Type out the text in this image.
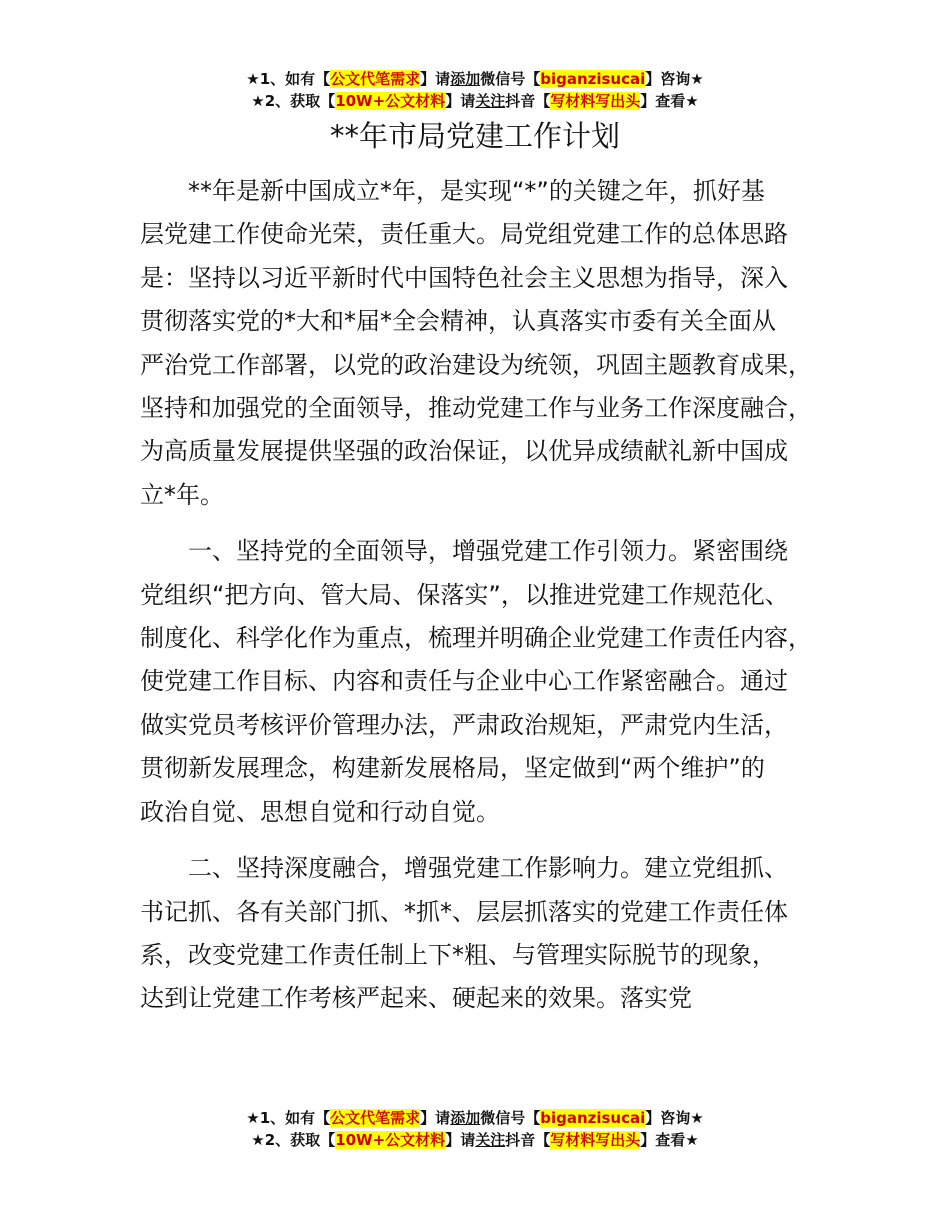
★1、如有【公文代笔需求】请添加微信号【biganzisucai】咨询★
★2、获取【10W+公文材料】请关注抖音【写材料写出头】查看★
**年市局党建工作计划
**年是新中国成立*年，是实现“*”的关键之年，抓好基
层党建工作使命光荣，责任重大。局党组党建工作的总体思路
是：坚持以习近平新时代中国特色社会主义思想为指导，深入
贯彻落实党的*大和*届*全会精神，认真落实市委有关全面从
严治党工作部署，以党的政治建设为统领，巩固主题教育成果，
坚持和加强党的全面领导，推动党建工作与业务工作深度融合，
为高质量发展提供坚强的政治保证，以优异成绩献礼新中国成
立*年。
一、坚持党的全面领导，增强党建工作引领力。紧密围绕
党组织“把方向、管大局、保落实”，以推进党建工作规范化、
制度化、科学化作为重点，梳理并明确企业党建工作责任内容，
使党建工作目标、内容和责任与企业中心工作紧密融合。通过
做实党员考核评价管理办法，严肃政治规矩，严肃党内生活，
贯彻新发展理念，构建新发展格局，坚定做到“两个维护”的
政治自觉、思想自觉和行动自觉。
二、坚持深度融合，增强党建工作影响力。建立党组抓、
书记抓、各有关部门抓、*抓*、层层抓落实的党建工作责任体
系，改变党建工作责任制上下*粗、与管理实际脱节的现象，
达到让党建工作考核严起来、硬起来的效果。落实党
★1、如有【公文代笔需求】请添加微信号【biganzisucai】咨询★
★2、获取【10W+公文材料】请关注抖音【写材料写出头】查看★
